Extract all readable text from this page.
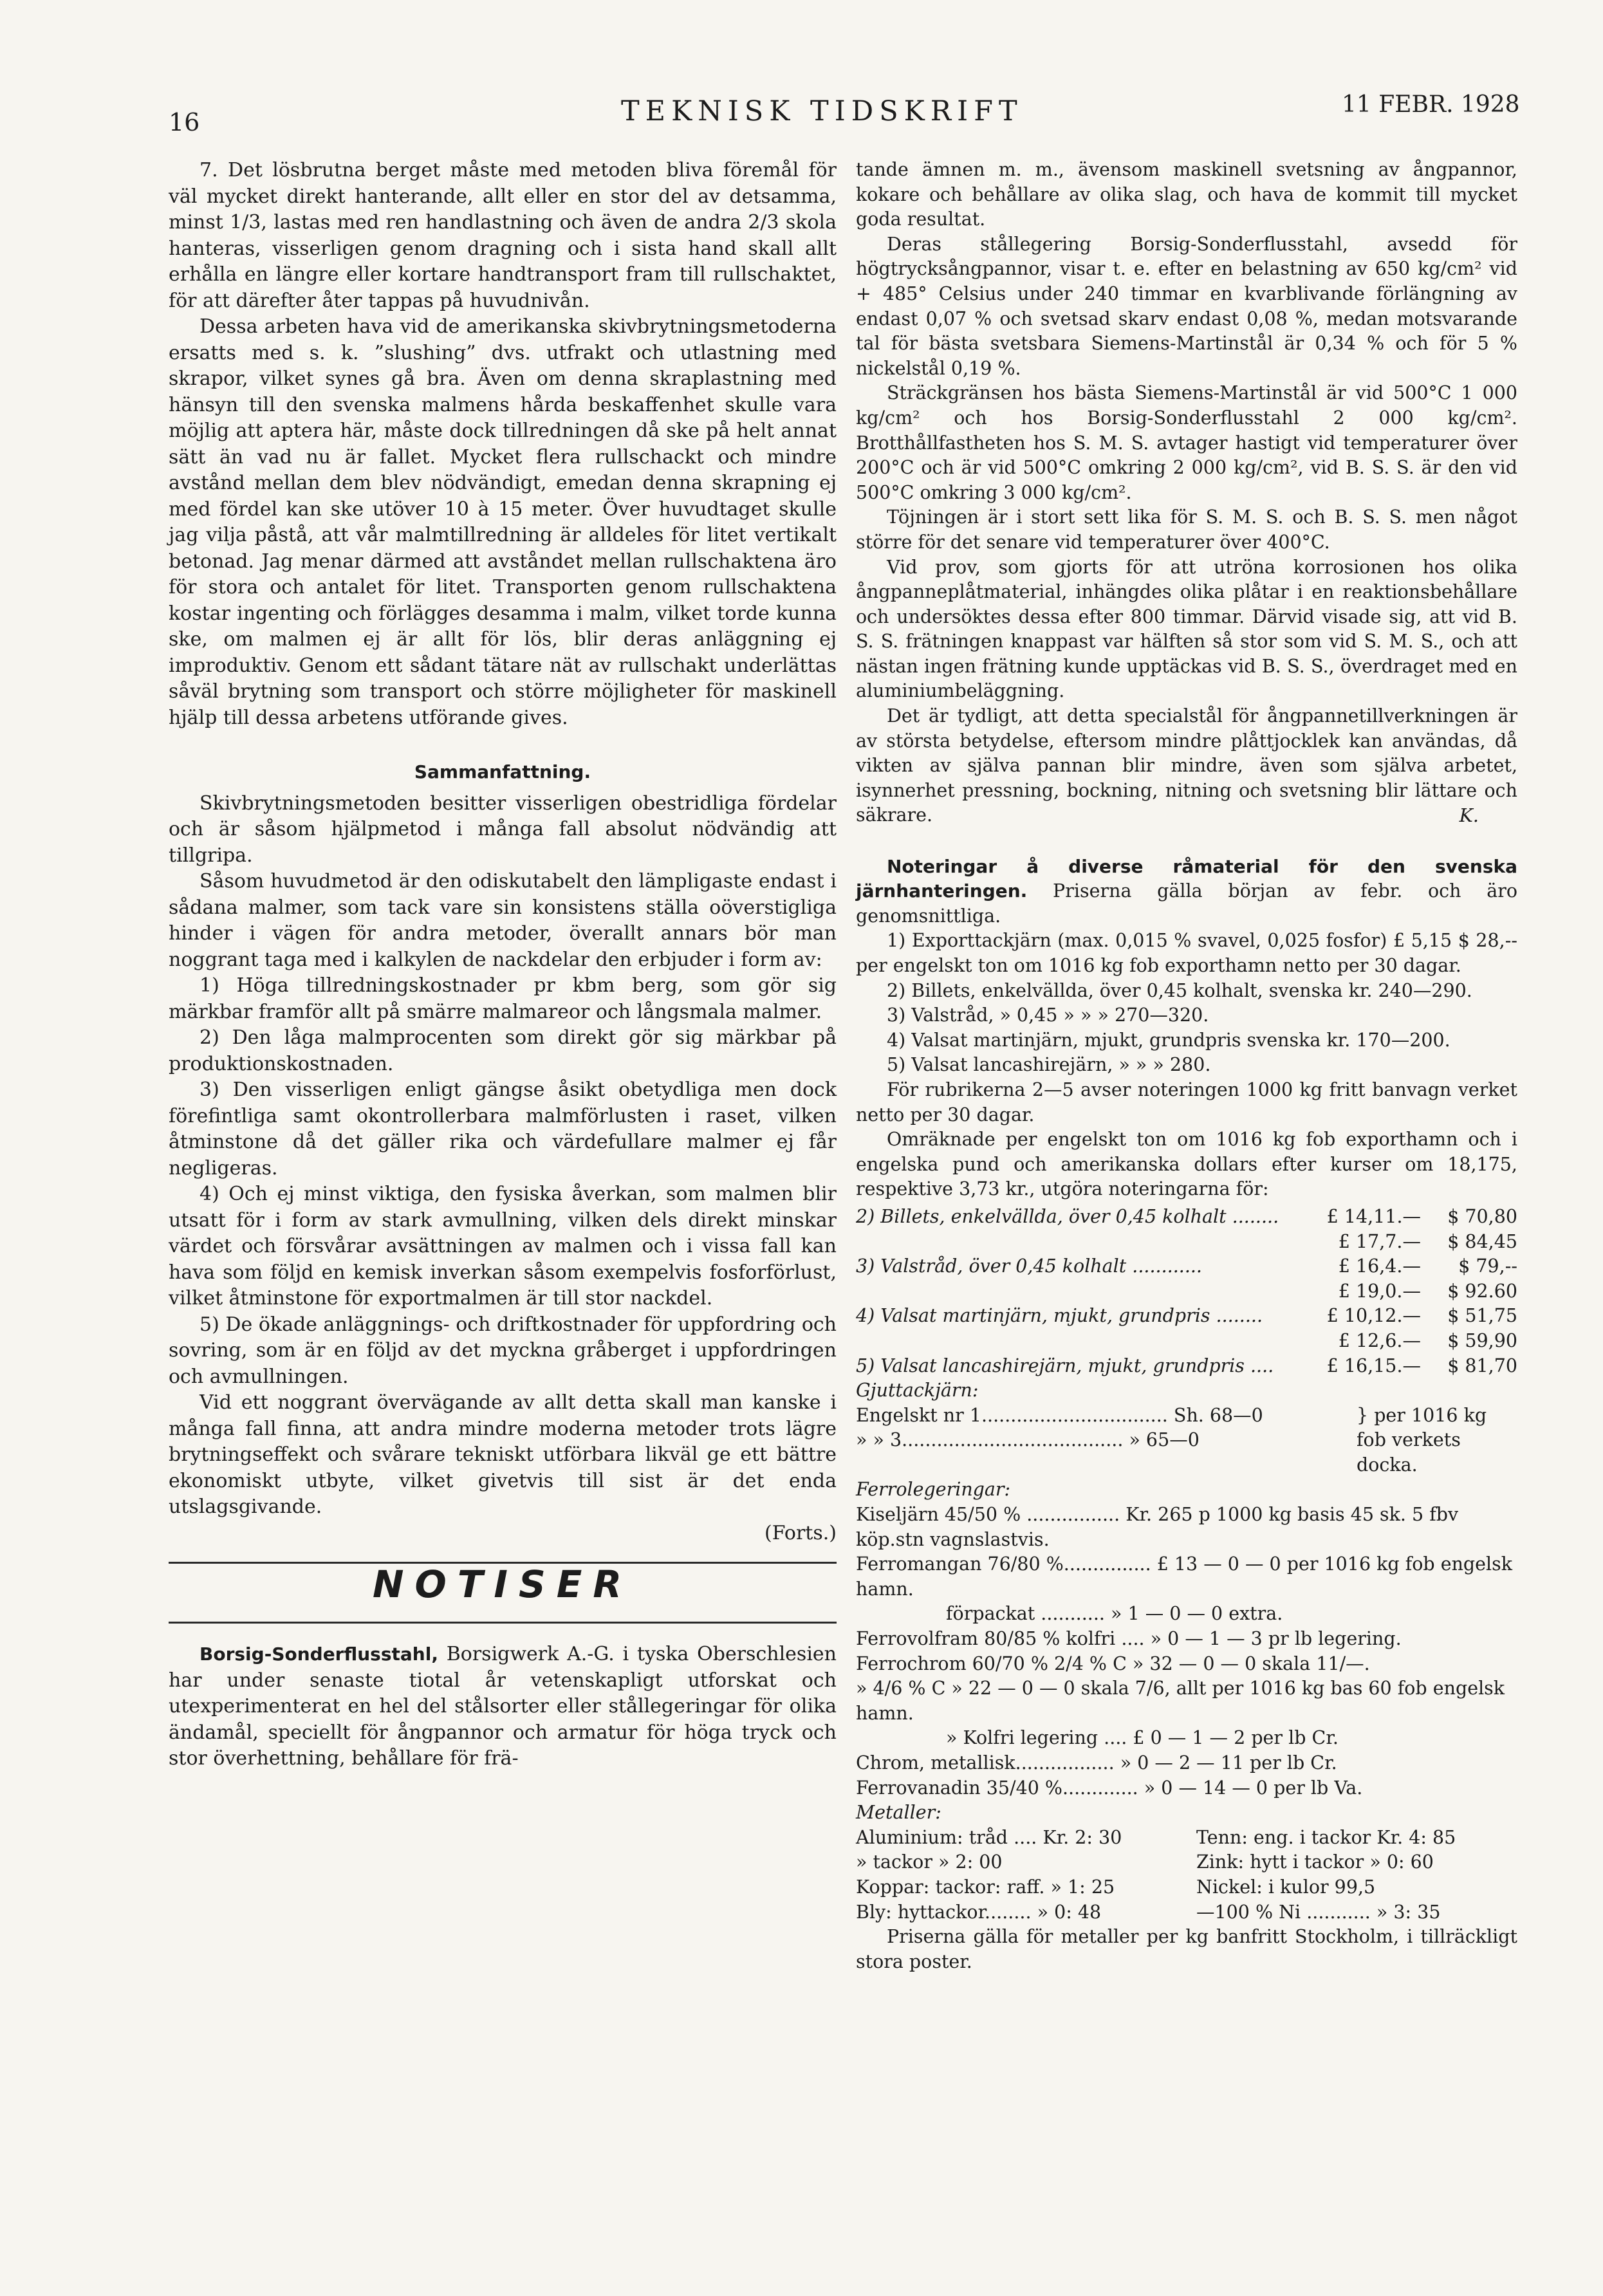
16	TEKNISK TIDSKRIFT	11 FEBR. 1928

7. Det lösbrutna berget måste med metoden bliva föremål för väl mycket direkt hanterande, allt eller en stor del av detsamma, minst 1/3, lastas med ren handlastning och även de andra 2/3 skola hanteras, visserligen genom dragning och i sista hand skall allt erhålla en längre eller kortare handtransport fram till rullschaktet, för att därefter åter tappas på huvudnivån.

Dessa arbeten hava vid de amerikanska skivbrytningsmetoderna ersatts med s. k. ”slushing” dvs. utfrakt och utlastning med skrapor, vilket synes gå bra. Även om denna skraplastning med hänsyn till den svenska malmens hårda beskaffenhet skulle vara möjlig att aptera här, måste dock tillredningen då ske på helt annat sätt än vad nu är fallet. Mycket flera rullschackt och mindre avstånd mellan dem blev nödvändigt, emedan denna skrapning ej med fördel kan ske utöver 10 à 15 meter. Över huvudtaget skulle jag vilja påstå, att vår malmtillredning är alldeles för litet vertikalt betonad. Jag menar därmed att avståndet mellan rullschaktena äro för stora och antalet för litet. Transporten genom rullschaktena kostar ingenting och förlägges desamma i malm, vilket torde kunna ske, om malmen ej är allt för lös, blir deras anläggning ej improduktiv. Genom ett sådant tätare nät av rullschakt underlättas såväl brytning som transport och större möjligheter för maskinell hjälp till dessa arbetens utförande gives.

Sammanfattning.

Skivbrytningsmetoden besitter visserligen obestridliga fördelar och är såsom hjälpmetod i många fall absolut nödvändig att tillgripa.

Såsom huvudmetod är den odiskutabelt den lämpligaste endast i sådana malmer, som tack vare sin konsistens ställa oöverstigliga hinder i vägen för andra metoder, överallt annars bör man noggrant taga med i kalkylen de nackdelar den erbjuder i form av:

1) Höga tillredningskostnader pr kbm berg, som gör sig märkbar framför allt på smärre malmareor och långsmala malmer.

2) Den låga malmprocenten som direkt gör sig märkbar på produktionskostnaden.

3) Den visserligen enligt gängse åsikt obetydliga men dock förefintliga samt okontrollerbara malmförlusten i raset, vilken åtminstone då det gäller rika och värdefullare malmer ej får negligeras.

4) Och ej minst viktiga, den fysiska åverkan, som malmen blir utsatt för i form av stark avmullning, vilken dels direkt minskar värdet och försvårar avsättningen av malmen och i vissa fall kan hava som följd en kemisk inverkan såsom exempelvis fosforförlust, vilket åtminstone för exportmalmen är till stor nackdel.

5) De ökade anläggnings- och driftkostnader för uppfordring och sovring, som är en följd av det myckna gråberget i uppfordringen och avmullningen.

Vid ett noggrant övervägande av allt detta skall man kanske i många fall finna, att andra mindre moderna metoder trots lägre brytningseffekt och svårare tekniskt utförbara likväl ge ett bättre ekonomiskt utbyte, vilket givetvis till sist är det enda utslagsgivande.

(Forts.)

NOTISER

Borsig-Sonderflusstahl, Borsigwerk A.-G. i tyska Oberschlesien har under senaste tiotal år vetenskapligt utforskat och utexperimenterat en hel del stålsorter eller stållegeringar för olika ändamål, speciellt för ångpannor och armatur för höga tryck och stor överhettning, behållare för frä-

tande ämnen m. m., ävensom maskinell svetsning av ångpannor, kokare och behållare av olika slag, och hava de kommit till mycket goda resultat.

Deras stållegering Borsig-Sonderflusstahl, avsedd för högtrycksångpannor, visar t. e. efter en belastning av 650 kg/cm² vid + 485° Celsius under 240 timmar en kvarblivande förlängning av endast 0,07 % och svetsad skarv endast 0,08 %, medan motsvarande tal för bästa svetsbara Siemens-Martinstål är 0,34 % och för 5 % nickelstål 0,19 %.

Sträckgränsen hos bästa Siemens-Martinstål är vid 500°C 1 000 kg/cm² och hos Borsig-Sonderflusstahl 2 000 kg/cm². Brotthållfastheten hos S. M. S. avtager hastigt vid temperaturer över 200°C och är vid 500°C omkring 2 000 kg/cm², vid B. S. S. är den vid 500°C omkring 3 000 kg/cm².

Töjningen är i stort sett lika för S. M. S. och B. S. S. men något större för det senare vid temperaturer över 400°C.

Vid prov, som gjorts för att utröna korrosionen hos olika ångpanneplåtmaterial, inhängdes olika plåtar i en reaktionsbehållare och undersöktes dessa efter 800 timmar. Därvid visade sig, att vid B. S. S. frätningen knappast var hälften så stor som vid S. M. S., och att nästan ingen frätning kunde upptäckas vid B. S. S., överdraget med en aluminiumbeläggning.

Det är tydligt, att detta specialstål för ångpannetillverkningen är av största betydelse, eftersom mindre plåttjocklek kan användas, då vikten av själva pannan blir mindre, även som själva arbetet, isynnerhet pressning, bockning, nitning och svetsning blir lättare och säkrare.	K.

Noteringar å diverse råmaterial för den svenska järnhanteringen. Priserna gälla början av febr. och äro genomsnittliga.

1) Exporttackjärn (max. 0,015 % svavel, 0,025 fosfor) £ 5,15 $ 28,-- per engelskt ton om 1016 kg fob exporthamn netto per 30 dagar.

2) Billets, enkelvällda, över 0,45 kolhalt, svenska kr. 240—290.

3) Valstråd, » 0,45 » » » 270—320.

4) Valsat martinjärn, mjukt, grundpris svenska kr. 170—200.

5) Valsat lancashirejärn, » » » 280.

För rubrikerna 2—5 avser noteringen 1000 kg fritt banvagn verket netto per 30 dagar.

Omräknade per engelskt ton om 1016 kg fob exporthamn och i engelska pund och amerikanska dollars efter kurser om 18,175, respektive 3,73 kr., utgöra noteringarna för:

2) Billets, enkelvällda, över 0,45 kolhalt ........	£ 14,11.—	$ 70,80
£ 17,7.—	$ 84,45
3) Valstråd, över 0,45 kolhalt ............	£ 16,4.—	$ 79,--
£ 19,0.—	$ 92.60
4) Valsat martinjärn, mjukt, grundpris ........	£ 10,12.—	$ 51,75
£ 12,6.—	$ 59,90
5) Valsat lancashirejärn, mjukt, grundpris ....	£ 16,15.—	$ 81,70
Gjuttackjärn:
Engelskt nr 1................................ Sh. 68—0
» » 3...................................... » 65—0
} per 1016 kg fob verkets docka.
Ferrolegeringar:
Kiseljärn 45/50 % ................ Kr. 265 p 1000 kg basis 45 sk. 5 fbv köp.stn vagnslastvis.
Ferromangan 76/80 %............... £ 13 — 0 — 0 per 1016 kg fob engelsk hamn.
förpackat ........... » 1 — 0 — 0 extra.
Ferrovolfram 80/85 % kolfri .... » 0 — 1 — 3 pr lb legering.
Ferrochrom 60/70 % 2/4 % C » 32 — 0 — 0 skala 11/—.
» 4/6 % C » 22 — 0 — 0 skala 7/6, allt per 1016 kg bas 60 fob engelsk hamn.
» Kolfri legering .... £ 0 — 1 — 2 per lb Cr.
Chrom, metallisk................. » 0 — 2 — 11 per lb Cr.
Ferrovanadin 35/40 %............. » 0 — 14 — 0 per lb Va.
Metaller:
Aluminium: tråd .... Kr. 2: 30	Tenn: eng. i tackor Kr. 4: 85
» tackor » 2: 00	Zink: hytt i tackor » 0: 60
Koppar: tackor: raff. » 1: 25	Nickel: i kulor 99,5
Bly: hyttackor........ » 0: 48	—100 % Ni ........... » 3: 35

Priserna gälla för metaller per kg banfritt Stockholm, i tillräckligt stora poster.
